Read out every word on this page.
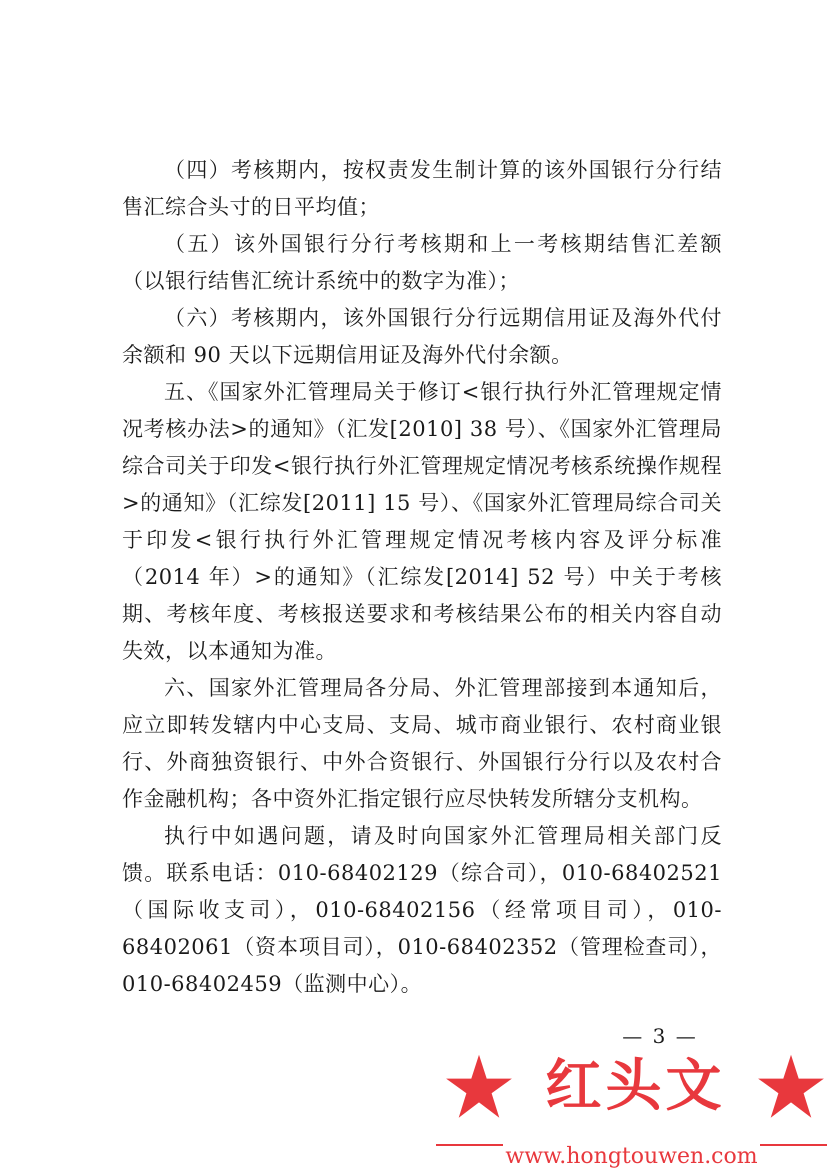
（四）考核期内，按权责发生制计算的该外国银行分行结售汇综合头寸的日平均值；

（五）该外国银行分行考核期和上一考核期结售汇差额（以银行结售汇统计系统中的数字为准）；

（六）考核期内，该外国银行分行远期信用证及海外代付余额和 90 天以下远期信用证及海外代付余额。

五、《国家外汇管理局关于修订<银行执行外汇管理规定情况考核办法>的通知》（汇发[2010] 38 号）、《国家外汇管理局综合司关于印发<银行执行外汇管理规定情况考核系统操作规程>的通知》（汇综发[2011] 15 号）、《国家外汇管理局综合司关于印发<银行执行外汇管理规定情况考核内容及评分标准（2014 年）>的通知》（汇综发[2014] 52 号）中关于考核期、考核年度、考核报送要求和考核结果公布的相关内容自动失效，以本通知为准。

六、国家外汇管理局各分局、外汇管理部接到本通知后，应立即转发辖内中心支局、支局、城市商业银行、农村商业银行、外商独资银行、中外合资银行、外国银行分行以及农村合作金融机构；各中资外汇指定银行应尽快转发所辖分支机构。

执行中如遇问题，请及时向国家外汇管理局相关部门反馈。联系电话：010-68402129（综合司），010-68402521（国际收支司），010-68402156（经常项目司），010-68402061（资本项目司），010-68402352（管理检查司），010-68402459（监测中心）。

— 3 —
红头文
www.hongtouwen.com
